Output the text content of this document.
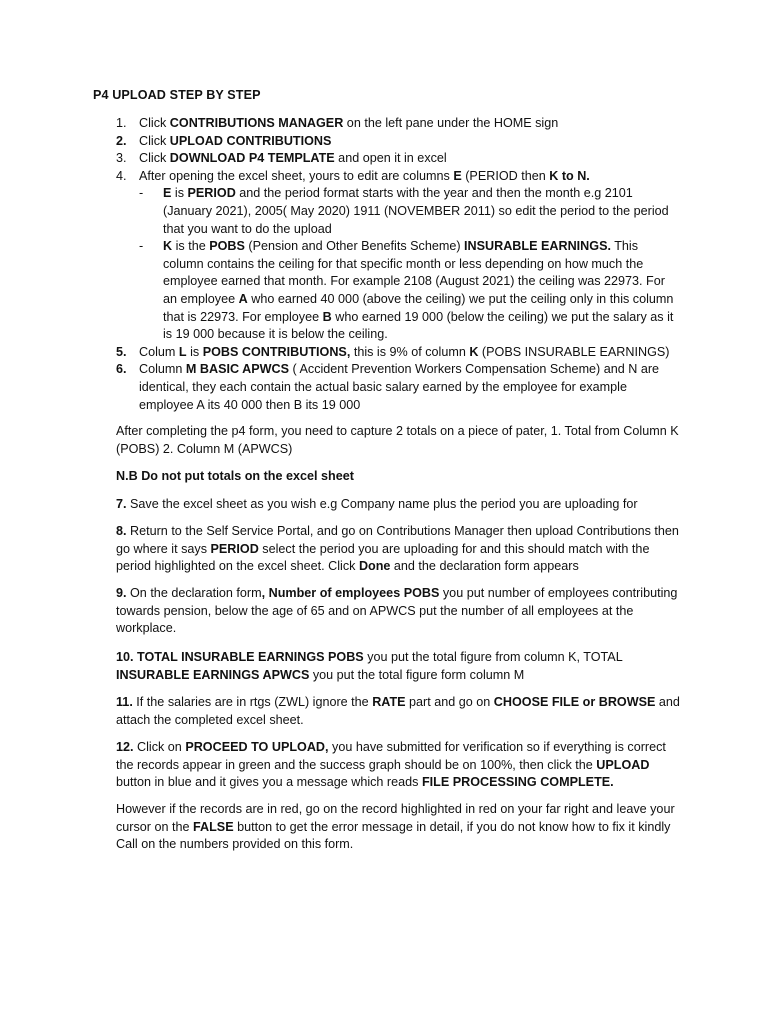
P4 UPLOAD STEP BY STEP
1. Click CONTRIBUTIONS MANAGER on the left pane under the HOME sign
2. Click UPLOAD CONTRIBUTIONS
3. Click DOWNLOAD P4 TEMPLATE and open it in excel
4. After opening the excel sheet, yours to edit are columns E (PERIOD then K to N.
- E is PERIOD and the period format starts with the year and then the month e.g 2101 (January 2021), 2005( May 2020) 1911 (NOVEMBER 2011) so edit the period to the period that you want to do the upload
- K is the POBS (Pension and Other Benefits Scheme) INSURABLE EARNINGS. This column contains the ceiling for that specific month or less depending on how much the employee earned that month. For example 2108 (August 2021) the ceiling was 22973. For an employee A who earned 40 000 (above the ceiling) we put the ceiling only in this column that is 22973. For employee B who earned 19 000 (below the ceiling) we put the salary as it is 19 000 because it is below the ceiling.
5. Colum L is POBS CONTRIBUTIONS, this is 9% of column K (POBS INSURABLE EARNINGS)
6. Column M BASIC APWCS ( Accident Prevention Workers Compensation Scheme) and N are identical, they each contain the actual basic salary earned by the employee for example employee A its 40 000 then B its 19 000

After completing the p4 form, you need to capture 2 totals on a piece of pater, 1. Total from Column K (POBS) 2. Column M (APWCS)

N.B Do not put totals on the excel sheet

7. Save the excel sheet as you wish e.g Company name plus the period you are uploading for

8. Return to the Self Service Portal, and go on Contributions Manager then upload Contributions then go where it says PERIOD select the period you are uploading for and this should match with the period highlighted on the excel sheet. Click Done and the declaration form appears

9. On the declaration form, Number of employees POBS you put number of employees contributing towards pension, below the age of 65 and on APWCS put the number of all employees at the workplace.

10. TOTAL INSURABLE EARNINGS POBS you put the total figure from column K, TOTAL INSURABLE EARNINGS APWCS you put the total figure form column M

11. If the salaries are in rtgs (ZWL) ignore the RATE part and go on CHOOSE FILE or BROWSE and attach the completed excel sheet.

12. Click on PROCEED TO UPLOAD, you have submitted for verification so if everything is correct the records appear in green and the success graph should be on 100%, then click the UPLOAD button in blue and it gives you a message which reads FILE PROCESSING COMPLETE.

However if the records are in red, go on the record highlighted in red on your far right and leave your cursor on the FALSE button to get the error message in detail, if you do not know how to fix it kindly Call on the numbers provided on this form.
